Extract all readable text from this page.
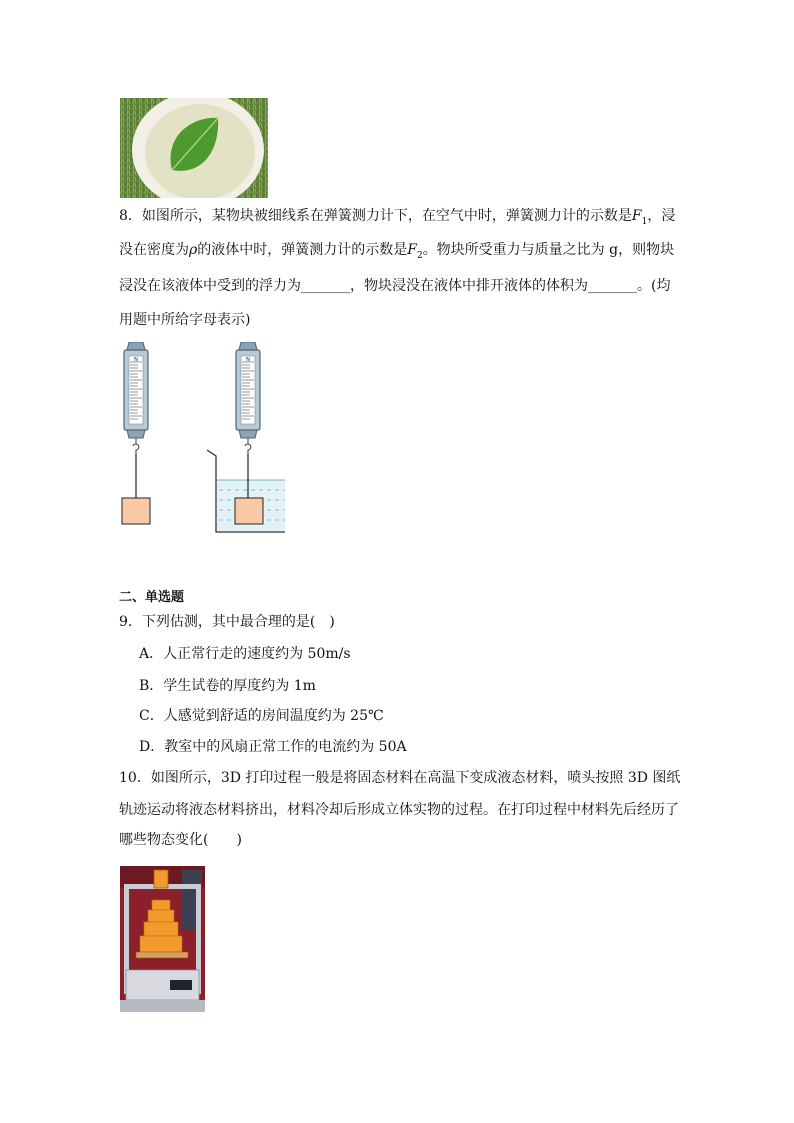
8．如图所示，某物块被细线系在弹簧测力计下，在空气中时，弹簧测力计的示数是$F_1$，浸
没在密度为ρ的液体中时，弹簧测力计的示数是$F_2$。物块所受重力与质量之比为 g，则物块
浸没在该液体中受到的浮力为_______，物块浸没在液体中排开液体的体积为_______。(均
用题中所给字母表示)
N	N
二、单选题
9．下列估测，其中最合理的是(　)
A．人正常行走的速度约为 50m/s
B．学生试卷的厚度约为 1m
C．人感觉到舒适的房间温度约为 25℃
D．教室中的风扇正常工作的电流约为 50A
10．如图所示，3D 打印过程一般是将固态材料在高温下变成液态材料，喷头按照 3D 图纸
轨迹运动将液态材料挤出，材料冷却后形成立体实物的过程。在打印过程中材料先后经历了
哪些物态变化(　　)
